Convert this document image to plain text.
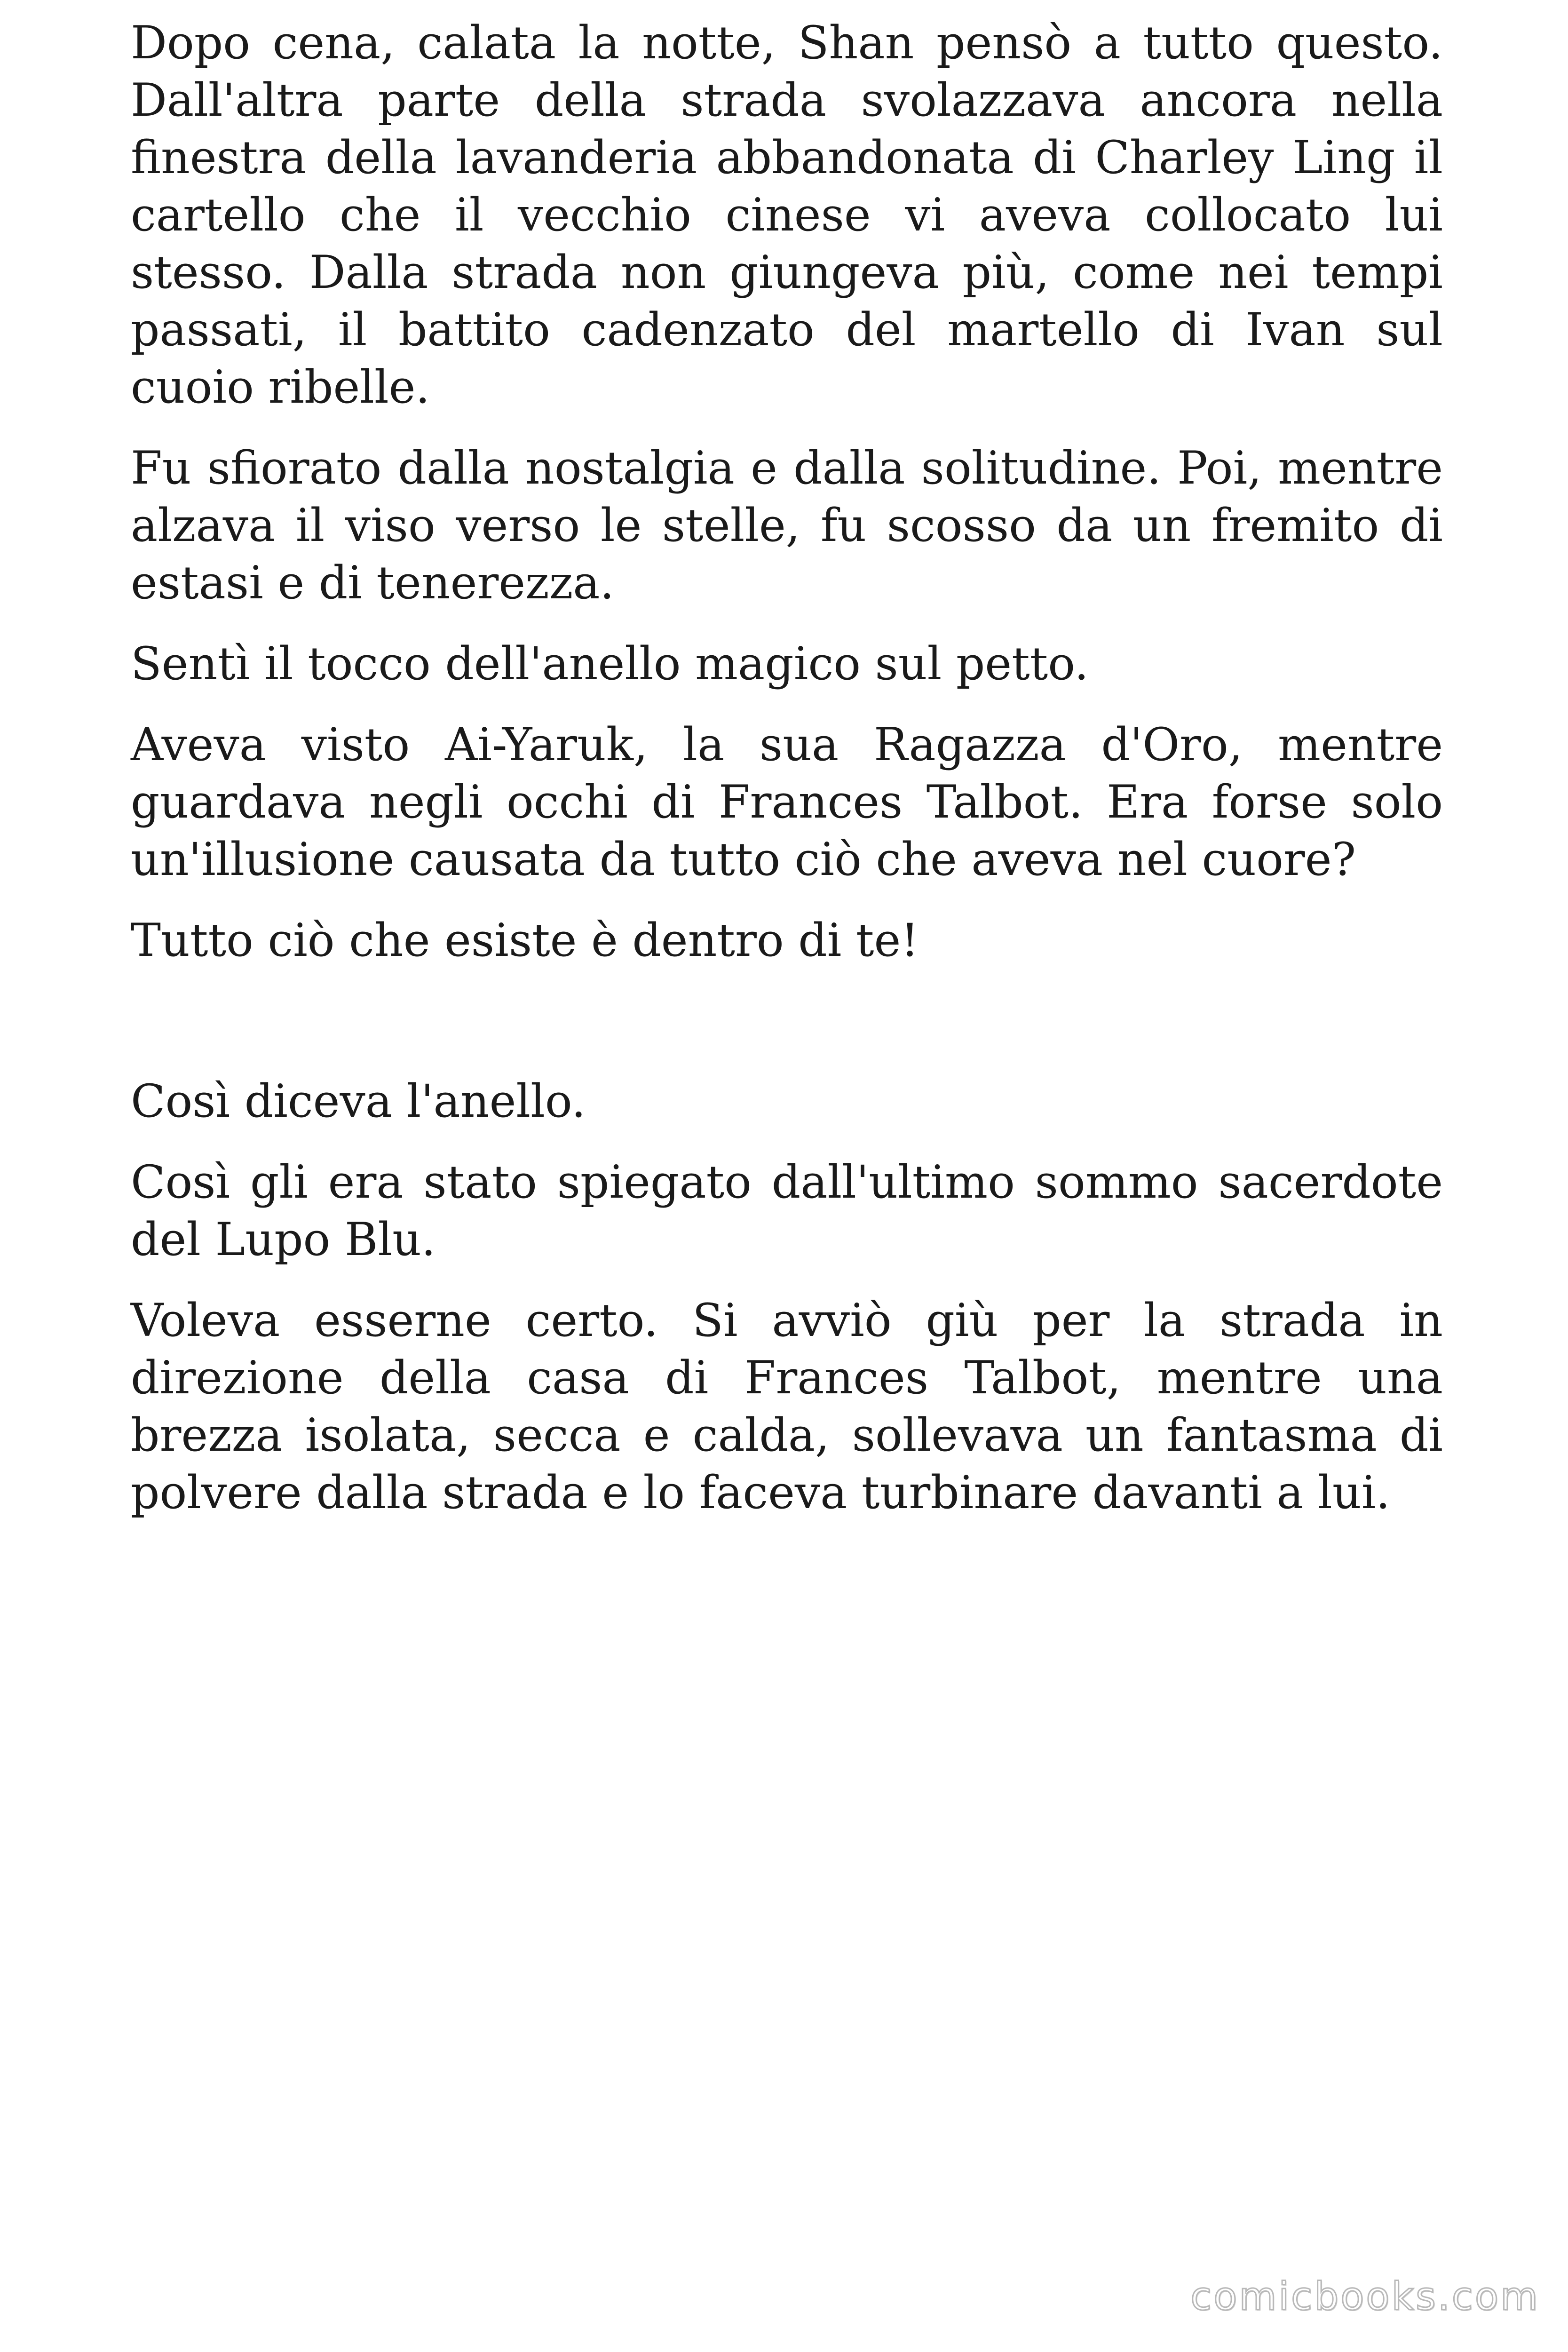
Dopo cena, calata la notte, Shan pensò a tutto questo. Dall'altra parte della strada svolazzava ancora nella finestra della lavanderia abbandonata di Charley Ling il cartello che il vecchio cinese vi aveva collocato lui stesso. Dalla strada non giungeva più, come nei tempi passati, il battito cadenzato del martello di Ivan sul cuoio ribelle.

Fu sfiorato dalla nostalgia e dalla solitudine. Poi, mentre alzava il viso verso le stelle, fu scosso da un fremito di estasi e di tenerezza.

Sentì il tocco dell'anello magico sul petto.

Aveva visto Ai-Yaruk, la sua Ragazza d'Oro, mentre guardava negli occhi di Frances Talbot. Era forse solo un'illusione causata da tutto ciò che aveva nel cuore?

Tutto ciò che esiste è dentro di te!

Così diceva l'anello.

Così gli era stato spiegato dall'ultimo sommo sacerdote del Lupo Blu.

Voleva esserne certo. Si avviò giù per la strada in direzione della casa di Frances Talbot, mentre una brezza isolata, secca e calda, sollevava un fantasma di polvere dalla strada e lo faceva turbinare davanti a lui.

comicbooks.com
